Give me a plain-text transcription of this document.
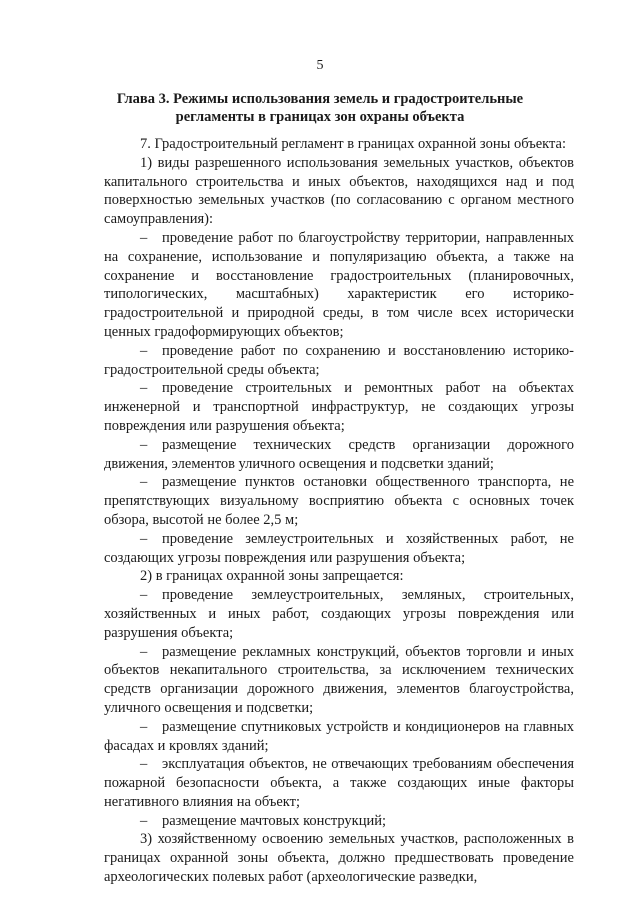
5
Глава 3. Режимы использования земель и градостроительные
регламенты в границах зон охраны объекта

7. Градостроительный регламент в границах охранной зоны объекта:

1) виды разрешенного использования земельных участков, объектов капитального строительства и иных объектов, находящихся над и под поверхностью земельных участков (по согласованию с органом местного самоуправления):

– проведение работ по благоустройству территории, направленных на сохранение, использование и популяризацию объекта, а также на сохранение и восстановление градостроительных (планировочных, типологических, масштабных) характеристик его историко-градостроительной и природной среды, в том числе всех исторически ценных градоформирующих объектов;

– проведение работ по сохранению и восстановлению историко-градостроительной среды объекта;

– проведение строительных и ремонтных работ на объектах инженерной и транспортной инфраструктур, не создающих угрозы повреждения или разрушения объекта;

– размещение технических средств организации дорожного движения, элементов уличного освещения и подсветки зданий;

– размещение пунктов остановки общественного транспорта, не препятствующих визуальному восприятию объекта с основных точек обзора, высотой не более 2,5 м;

– проведение землеустроительных и хозяйственных работ, не создающих угрозы повреждения или разрушения объекта;

2) в границах охранной зоны запрещается:

– проведение землеустроительных, земляных, строительных, хозяйственных и иных работ, создающих угрозы повреждения или разрушения объекта;

– размещение рекламных конструкций, объектов торговли и иных объектов некапитального строительства, за исключением технических средств организации дорожного движения, элементов благоустройства, уличного освещения и подсветки;

– размещение спутниковых устройств и кондиционеров на главных фасадах и кровлях зданий;

– эксплуатация объектов, не отвечающих требованиям обеспечения пожарной безопасности объекта, а также создающих иные факторы негативного влияния на объект;

– размещение мачтовых конструкций;

3) хозяйственному освоению земельных участков, расположенных в границах охранной зоны объекта, должно предшествовать проведение археологических полевых работ (археологические разведки,
